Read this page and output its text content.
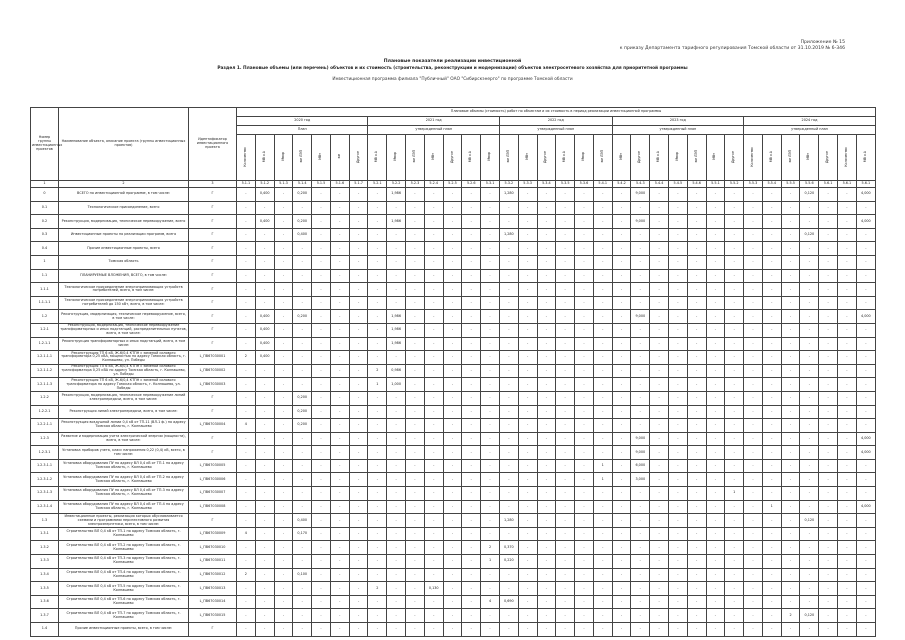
Приложение № 15
к приказу Департамента тарифного регулирования Томской области от 31.10.2019 № 6-346
Плановые показатели реализации инвестиционной
Раздел 1. Плановые объемы (или перечень) объектов и их стоимость (строительства, реконструкции и модернизации) объектов электросетевого хозяйства для приоритетной программы
Инвестиционная программа филиала "Публичный" ОАО "Сибирскэнерго" по программе Томской области
Номер группы инвестиционных проектов	Наименование объекта, описание проекта (группы инвестиционных проектов)	Идентификатор инвестиционного проекта	Плановые объемы (стоимость) работ по объектам и их стоимость в период реализации инвестиционной программы																																	
			2020 год							2021 год							2022 год						2023 год							2024 год						
			План							утвержденный план							утвержденный план						утвержденный план							утвержденный план						
			Количество	МВ×А	Мвар	км ЛЭП	МВт	км	Другое	МВ×А	Мвар	км ЛЭП	МВт	Другое	МВ×А	Мвар	км ЛЭП	МВт	Другое	МВ×А	Мвар	км ЛЭП	МВт	Другое	МВ×А	Мвар	км ЛЭП	МВт	Другое	Количество	МВ×А	км ЛЭП	МВт	Другое	Количество	МВ×А
1	2	3	5.1.1	5.1.2	5.1.3	5.1.4	5.1.5	5.1.6	5.1.7	5.2.1	5.2.2	5.2.3	5.2.4	5.2.5	5.2.6	5.3.1	5.3.2	5.3.3	5.3.4	5.3.5	5.3.6	5.4.1	5.4.2	5.4.3	5.4.4	5.4.5	5.4.6	5.5.1	5.5.2	5.5.3	5.5.4	5.5.5	5.5.6	5.6.1	5.6.1	5.6.1
0	ВСЕГО по инвестиционной программе, в том числе:	Г	-	0,400	-	0,200	-	-	-	-	1,986	-	-	-	-	-	1,280	-	-	-	-	-	-	9,000	-	-	-	-	-	-	-	-	0,120	-	-	4,000
0.1	Технологическое присоединение, всего	Г	-	-	-	-	-	-	-	-	-	-	-	-	-	-	-	-	-	-	-	-	-	-	-	-	-	-	-	-	-	-	-	-	-	-
0.2	Реконструкция, модернизация, техническое перевооружение, всего	Г	-	0,400	-	0,200	-	-	-	-	1,986	-	-	-	-	-	-	-	-	-	-	-	-	9,000	-	-	-	-	-	-	-	-	-	-	-	4,000
0.3	Инвестиционные проекты по реализации программ, всего	Г	-	-	-	0,400	-	-	-	-	-	-	-	-	-	-	1,280	-	-	-	-	-	-	-	-	-	-	-	-	-	-	-	0,120	-	-	-
0.4	Прочие инвестиционные проекты, всего	Г	-	-	-	-	-	-	-	-	-	-	-	-	-	-	-	-	-	-	-	-	-	-	-	-	-	-	-	-	-	-	-	-	-	-
1	Томская область	Г	-	-	-	-	-	-	-	-	-	-	-	-	-	-	-	-	-	-	-	-	-	-	-	-	-	-	-	-	-	-	-	-	-	-
1.1	ПЛАНИРУЕМЫЕ ВЛОЖЕНИЯ, ВСЕГО, в том числе:	Г	-	-	-	-	-	-	-	-	-	-	-	-	-	-	-	-	-	-	-	-	-	-	-	-	-	-	-	-	-	-	-	-	-	-
1.1.1	Технологическое присоединение энергопринимающих устройств потребителей, всего, в том числе:	Г	-	-	-	-	-	-	-	-	-	-	-	-	-	-	-	-	-	-	-	-	-	-	-	-	-	-	-	-	-	-	-	-	-	-
1.1.1.1	Технологическое присоединение энергопринимающих устройств потребителей до 150 кВт, всего, в том числе:	Г	-	-	-	-	-	-	-	-	-	-	-	-	-	-	-	-	-	-	-	-	-	-	-	-	-	-	-	-	-	-	-	-	-	-
1.2	Реконструкция, модернизация, техническое перевооружение, всего, в том числе:	Г	-	0,400	-	0,200	-	-	-	-	1,986	-	-	-	-	-	-	-	-	-	-	-	-	9,000	-	-	-	-	-	-	-	-	-	-	-	4,000
1.2.1	Реконструкция, модернизация, техническое перевооружение трансформаторных и иных подстанций, распределительных пунктов, всего, в том числе:	Г	-	0,400	-	-	-	-	-	-	1,986	-	-	-	-	-	-	-	-	-	-	-	-	-	-	-	-	-	-	-	-	-	-	-	-	-
1.2.1.1	Реконструкция трансформаторных и иных подстанций, всего, в том числе:	Г	-	0,400	-	-	-	-	-	-	1,986	-	-	-	-	-	-	-	-	-	-	-	-	-	-	-	-	-	-	-	-	-	-	-	-	-
1.2.1.1.1	Реконструкция ТП 6 кВ, Ж-6/0,4 КТПН с заменой силового трансформатора 0,25 кВА, мощностью по адресу Томская область, г. Колпашево, ул. Победы	L_ПВ67030001	2	0,400	-	-	-	-	-	-	-	-	-	-	-	-	-	-	-	-	-	-	-	-	-	-	-	-	-	-	-	-	-	-	-	-
1.2.1.1.2	Реконструкция ТП 6 кВ, Ж-6/0,4 КТПН с заменой силового трансформатора 0,25 кВА по адресу Томская область, г. Колпашево, ул. Победы	L_ПВ67030002	-	-	-	-	-	-	-	2	0,986	-	-	-	-	-	-	-	-	-	-	-	-	-	-	-	-	-	-	-	-	-	-	-	-	-
1.2.1.1.3	Реконструкция ТП 6 кВ, Ж-6/0,4 КТПН с заменой силового трансформатора по адресу Томская область, г. Колпашево, ул. Победы	L_ПВ67030003	-	-	-	-	-	-	-	1	1,000	-	-	-	-	-	-	-	-	-	-	-	-	-	-	-	-	-	-	-	-	-	-	-	-	-
1.2.2	Реконструкция, модернизация, техническое перевооружение линий электропередачи, всего, в том числе:	Г	-	-	-	0,200	-	-	-	-	-	-	-	-	-	-	-	-	-	-	-	-	-	-	-	-	-	-	-	-	-	-	-	-	-	-
1.2.2.1	Реконструкция линий электропередачи, всего, в том числе:	Г	-	-	-	0,200	-	-	-	-	-	-	-	-	-	-	-	-	-	-	-	-	-	-	-	-	-	-	-	-	-	-	-	-	-	-
1.2.2.1.1	Реконструкция воздушной линии 0,4 кВ от ТП-11 (ВЛ-1 ф.) по адресу Томская область, г. Колпашево	L_ПВ67030004	4	-	-	0,200	-	-	-	-	-	-	-	-	-	-	-	-	-	-	-	-	-	-	-	-	-	-	-	-	-	-	-	-	-	-
1.2.3	Развитие и модернизация учета электрической энергии (мощности), всего, в том числе:	Г	-	-	-	-	-	-	-	-	-	-	-	-	-	-	-	-	-	-	-	-	-	9,000	-	-	-	-	-	-	-	-	-	-	-	4,000
1.2.3.1	Установка приборов учета, класс напряжения 0,22 (0,4) кВ, всего, в том числе:	Г	-	-	-	-	-	-	-	-	-	-	-	-	-	-	-	-	-	-	-	-	-	9,000	-	-	-	-	-	-	-	-	-	-	-	4,000
1.2.3.1.1	Установка оборудования ПУ по адресу ВЛ 0,4 кВ от ТП-1 по адресу Томская область, г. Колпашево	L_ПВ67030005	-	-	-	-	-	-	-	-	-	-	-	-	-	-	-	-	-	-	-	1	-	6,000	-	-	-	-	-	-	-	-	-	-	-	-
1.2.3.1.2	Установка оборудования ПУ по адресу ВЛ 0,4 кВ от ТП-2 по адресу Томская область, г. Колпашево	L_ПВ67030006	-	-	-	-	-	-	-	-	-	-	-	-	-	-	-	-	-	-	-	1	-	3,000	-	-	-	-	-	-	-	-	-	-	-	-
1.2.3.1.3	Установка оборудования ПУ по адресу ВЛ 0,4 кВ от ТП-3 по адресу Томская область, г. Колпашево	L_ПВ67030007	-	-	-	-	-	-	-	-	-	-	-	-	-	-	-	-	-	-	-	-	-	-	-	-	-	-	1	-	-	-	-	-	-	-
1.2.3.1.4	Установка оборудования ПУ по адресу ВЛ 0,4 кВ от ТП-4 по адресу Томская область, г. Колпашево	L_ПВ67030008	-	-	-	-	-	-	-	-	-	-	-	-	-	-	-	-	-	-	-	-	-	-	-	-	-	-	-	-	1	-	-	-	-	4,000
1.3	Инвестиционные проекты, реализация которых обуславливается схемами и программами перспективного развития электроэнергетики, всего, в том числе:	Г	-	-	-	0,400	-	-	-	-	-	-	-	-	-	-	1,280	-	-	-	-	-	-	-	-	-	-	-	-	-	-	-	0,120	-	-	-
1.3.1	Строительство ВЛ 0,4 кВ от ТП-1 по адресу Томская область, г. Колпашево	L_ПВ67030009	4	-	-	0,170	-	-	-	-	-	-	-	-	-	-	-	-	-	-	-	-	-	-	-	-	-	-	-	-	-	-	-	-	-	-
1.3.2	Строительство ВЛ 0,4 кВ от ТП-2 по адресу Томская область, г. Колпашево	L_ПВ67030010	-	-	-	-	-	-	-	-	-	-	-	-	-	2	0,370	-	-	-	-	-	-	-	-	-	-	-	-	-	-	-	-	-	-	-
1.3.3	Строительство ВЛ 0,4 кВ от ТП-3 по адресу Томская область, г. Колпашево	L_ПВ67030011	-	-	-	-	-	-	-	-	-	-	-	-	-	1	0,220	-	-	-	-	-	-	-	-	-	-	-	-	-	-	-	-	-	-	-
1.3.4	Строительство ВЛ 0,4 кВ от ТП-4 по адресу Томская область, г. Колпашево	L_ПВ67030012	2	-	-	0,100	-	-	-	-	-	-	-	-	-	-	-	-	-	-	-	-	-	-	-	-	-	-	-	-	-	-	-	-	-	-
1.3.5	Строительство ВЛ 0,4 кВ от ТП-5 по адресу Томская область, г. Колпашево	L_ПВ67030013	-	-	-	-	-	-	-	2	-	-	0,130	-	-	-	-	-	-	-	-	-	-	-	-	-	-	-	-	-	-	-	-	-	-	-
1.3.6	Строительство ВЛ 0,4 кВ от ТП-6 по адресу Томская область, г. Колпашево	L_ПВ67030014	-	-	-	-	-	-	-	-	-	-	-	-	-	4	0,690	-	-	-	-	-	-	-	-	-	-	-	-	-	-	-	-	-	-	-
1.3.7	Строительство ВЛ 0,4 кВ от ТП-7 по адресу Томская область, г. Колпашево	L_ПВ67030015	-	-	-	-	-	-	-	-	-	-	-	-	-	-	-	-	-	-	-	-	-	-	-	-	-	-	-	-	-	2	0,120	-	-	-
1.4	Прочие инвестиционные проекты, всего, в том числе:	Г	-	-	-	-	-	-	-	-	-	-	-	-	-	-	-	-	-	-	-	-	-	-	-	-	-	-	-	-	-	-	-	-	-	-
